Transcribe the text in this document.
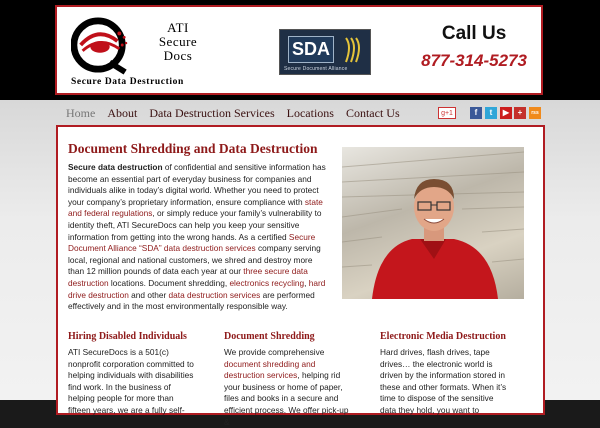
ATI
Secure
Docs
Secure Data Destruction
SDA
Secure Document Alliance
Call Us
877-314-5273
Home About Data Destruction Services Locations Contact Us	g+1	f	t	▶	+	rss
Document Shredding and Data Destruction
Secure data destruction of confidential and sensitive information has become an essential part of everyday business for companies and individuals alike in today’s digital world. Whether you need to protect your company’s proprietary information, ensure compliance with state and federal regulations, or simply reduce your family’s vulnerability to identity theft, ATI SecureDocs can help you keep your sensitive information from getting into the wrong hands. As a certified Secure Document Alliance “SDA” data destruction services company serving local, regional and national customers, we shred and destroy more than 12 million pounds of data each year at our three secure data destruction locations. Document shredding, electronics recycling, hard drive destruction and other data destruction services are performed effectively and in the most environmentally responsible way.
Hiring Disabled Individuals
ATI SecureDocs is a 501(c) nonprofit corporation committed to helping individuals with disabilities find work. In the business of helping people for more than fifteen years, we are a fully self-
Document Shredding
We provide comprehensive document shredding and destruction services, helping rid your business or home of paper, files and books in a secure and efficient process. We offer pick-up &
Electronic Media Destruction
Hard drives, flash drives, tape drives… the electronic world is driven by the information stored in these and other formats. When it’s time to dispose of the sensitive data they hold, you want to
